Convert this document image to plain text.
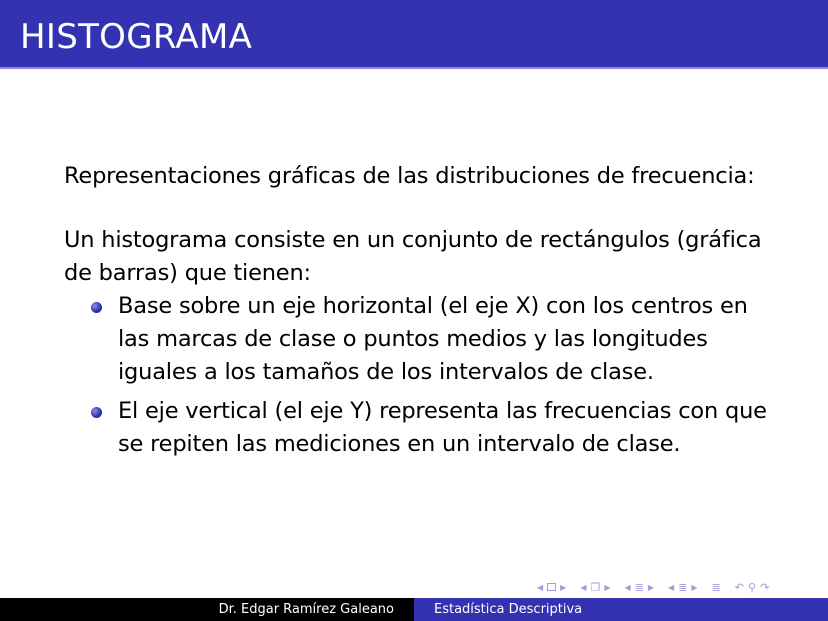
HISTOGRAMA

Representaciones gráficas de las distribuciones de frecuencia:

Un histograma consiste en un conjunto de rectángulos (gráfica de barras) que tienen:

Base sobre un eje horizontal (el eje X) con los centros en las marcas de clase o puntos medios y las longitudes iguales a los tamaños de los intervalos de clase.
El eje vertical (el eje Y) representa las frecuencias con que se repiten las mediciones en un intervalo de clase.
◀ ▶ ◀ ❐ ▶ ◀ ≣ ▶ ◀ ≣ ▶ ≣ ↶ ⚲ ↷
Dr. Edgar Ramírez Galeano	Estadística Descriptiva
